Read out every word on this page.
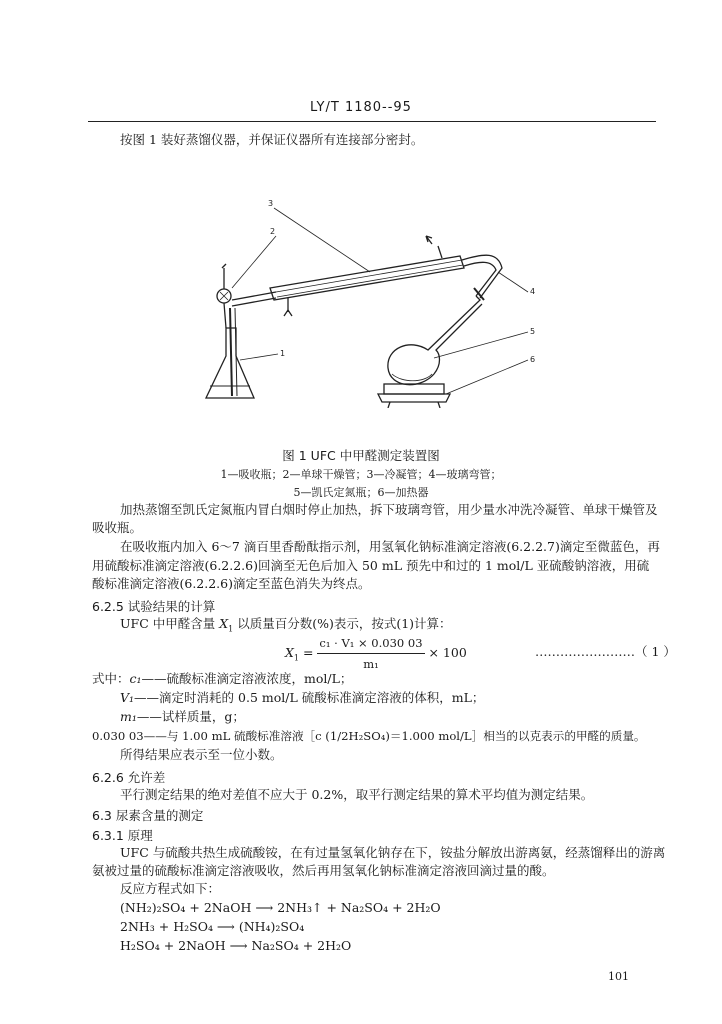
LY/T 1180--95
按图 1 装好蒸馏仪器，并保证仪器所有连接部分密封。
3
2
1
4
5
6
图 1 UFC 中甲醛测定装置图
1—吸收瓶；2—单球干燥管；3—冷凝管；4—玻璃弯管；
5—凯氏定氮瓶；6—加热器
加热蒸馏至凯氏定氮瓶内冒白烟时停止加热，拆下玻璃弯管，用少量水冲洗冷凝管、单球干燥管及
吸收瓶。
在吸收瓶内加入 6～7 滴百里香酚酞指示剂，用氢氧化钠标准滴定溶液(6.2.2.7)滴定至微蓝色，再
用硫酸标准滴定溶液(6.2.2.6)回滴至无色后加入 50 mL 预先中和过的 1 mol/L 亚硫酸钠溶液，用硫
酸标准滴定溶液(6.2.2.6)滴定至蓝色消失为终点。
6.2.5 试验结果的计算
UFC 中甲醛含量 $X_1$ 以质量百分数(%)表示，按式(1)计算：
$X_1 = \frac{\text{c₁ · V₁ × 0.030 03}}{\text{m₁}} \times 100$	……………………（ 1 ）
式中：c₁——硫酸标准滴定溶液浓度，mol/L；
V₁——滴定时消耗的 0.5 mol/L 硫酸标准滴定溶液的体积，mL；
m₁——试样质量，g；
0.030 03——与 1.00 mL 硫酸标准溶液［c (1/2H₂SO₄)＝1.000 mol/L］相当的以克表示的甲醛的质量。
所得结果应表示至一位小数。
6.2.6 允许差
平行测定结果的绝对差值不应大于 0.2%，取平行测定结果的算术平均值为测定结果。
6.3 尿素含量的测定
6.3.1 原理
UFC 与硫酸共热生成硫酸铵，在有过量氢氧化钠存在下，铵盐分解放出游离氨，经蒸馏释出的游离
氨被过量的硫酸标准滴定溶液吸收，然后再用氢氧化钠标准滴定溶液回滴过量的酸。
反应方程式如下：
(NH₂)₂SO₄ + 2NaOH ⟶ 2NH₃↑ + Na₂SO₄ + 2H₂O
2NH₃ + H₂SO₄ ⟶ (NH₄)₂SO₄
H₂SO₄ + 2NaOH ⟶ Na₂SO₄ + 2H₂O
101
